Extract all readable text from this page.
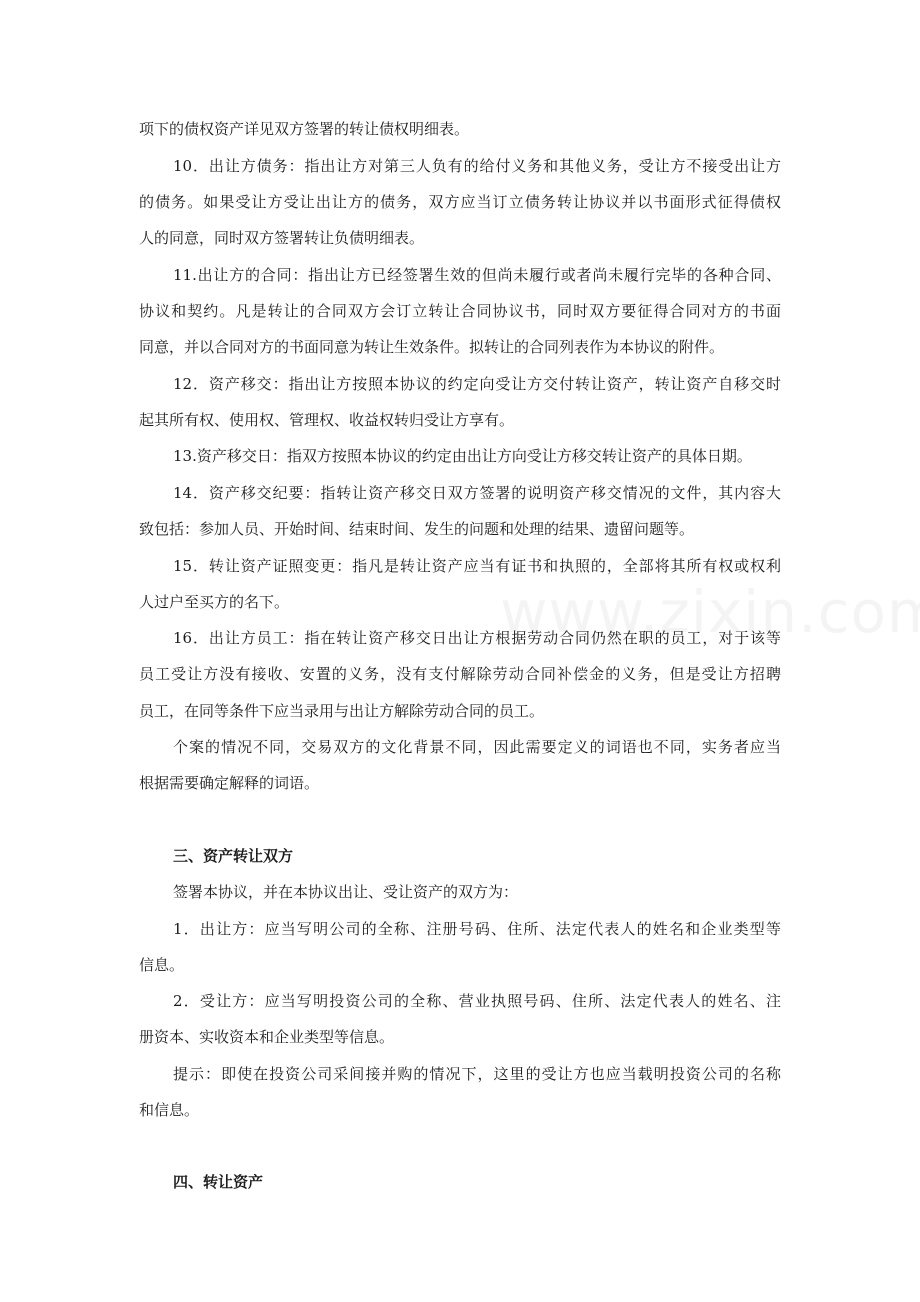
项下的债权资产详见双方签署的转让债权明细表。
10．出让方债务：指出让方对第三人负有的给付义务和其他义务，受让方不接受出让方
的债务。如果受让方受让出让方的债务，双方应当订立债务转让协议并以书面形式征得债权
人的同意，同时双方签署转让负债明细表。
11.出让方的合同：指出让方已经签署生效的但尚未履行或者尚未履行完毕的各种合同、
协议和契约。凡是转让的合同双方会订立转让合同协议书，同时双方要征得合同对方的书面
同意，并以合同对方的书面同意为转让生效条件。拟转让的合同列表作为本协议的附件。
12．资产移交：指出让方按照本协议的约定向受让方交付转让资产，转让资产自移交时
起其所有权、使用权、管理权、收益权转归受让方享有。
13.资产移交日：指双方按照本协议的约定由出让方向受让方移交转让资产的具体日期。
14．资产移交纪要：指转让资产移交日双方签署的说明资产移交情况的文件，其内容大
致包括：参加人员、开始时间、结束时间、发生的问题和处理的结果、遗留问题等。
15．转让资产证照变更：指凡是转让资产应当有证书和执照的，全部将其所有权或权利
人过户至买方的名下。
16．出让方员工：指在转让资产移交日出让方根据劳动合同仍然在职的员工，对于该等
员工受让方没有接收、安置的义务，没有支付解除劳动合同补偿金的义务，但是受让方招聘
员工，在同等条件下应当录用与出让方解除劳动合同的员工。
个案的情况不同，交易双方的文化背景不同，因此需要定义的词语也不同，实务者应当
根据需要确定解释的词语。
三、资产转让双方
签署本协议，并在本协议出让、受让资产的双方为：
1．出让方：应当写明公司的全称、注册号码、住所、法定代表人的姓名和企业类型等
信息。
2．受让方：应当写明投资公司的全称、营业执照号码、住所、法定代表人的姓名、注
册资本、实收资本和企业类型等信息。
提示：即使在投资公司采间接并购的情况下，这里的受让方也应当载明投资公司的名称
和信息。
四、转让资产
